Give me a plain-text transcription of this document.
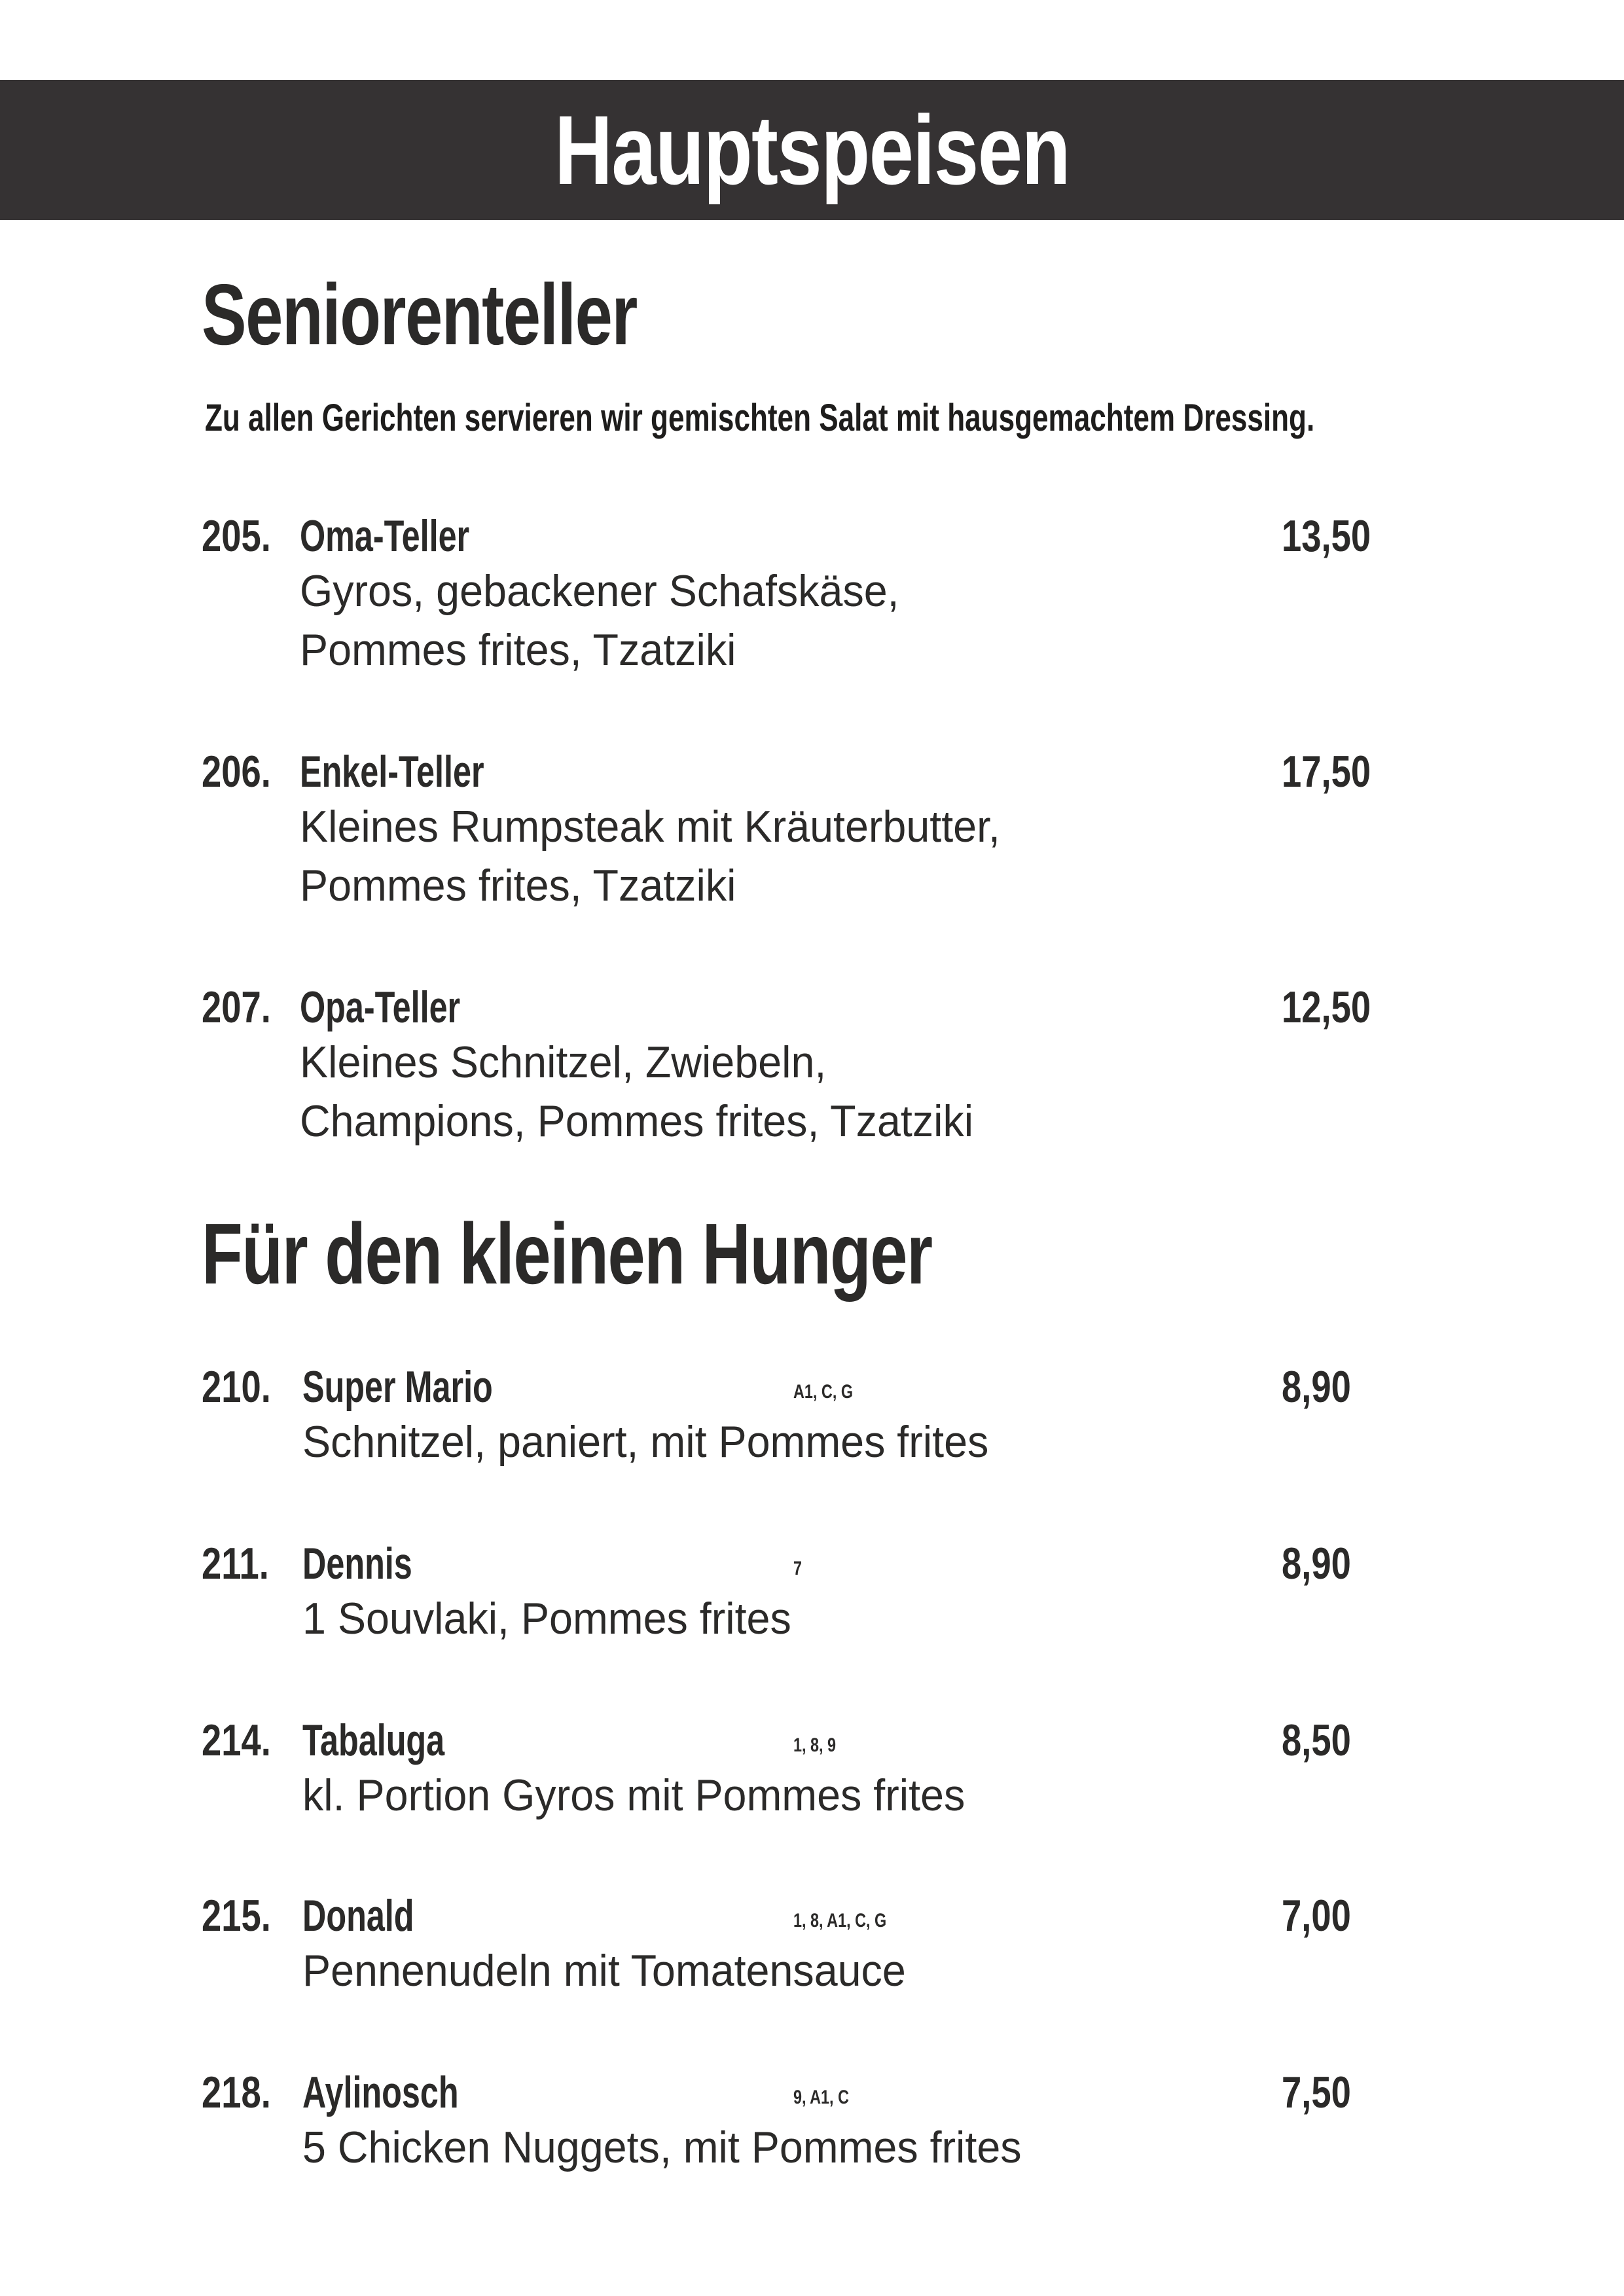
Hauptspeisen
Seniorenteller
Zu allen Gerichten servieren wir gemischten Salat mit hausgemachtem Dressing.
205. Oma-Teller	13,50
Gyros, gebackener Schafskäse,
Pommes frites, Tzatziki
206. Enkel-Teller	17,50
Kleines Rumpsteak mit Kräuterbutter,
Pommes frites, Tzatziki
207. Opa-Teller	12,50
Kleines Schnitzel, Zwiebeln,
Champions, Pommes frites, Tzatziki
Für den kleinen Hunger
210. Super Mario	A1, C, G	8,90
Schnitzel, paniert, mit Pommes frites
211. Dennis	7	8,90
1 Souvlaki, Pommes frites
214. Tabaluga	1, 8, 9	8,50
kl. Portion Gyros mit Pommes frites
215. Donald	1, 8, A1, C, G	7,00
Pennenudeln mit Tomatensauce
218. Aylinosch	9, A1, C	7,50
5 Chicken Nuggets, mit Pommes frites
